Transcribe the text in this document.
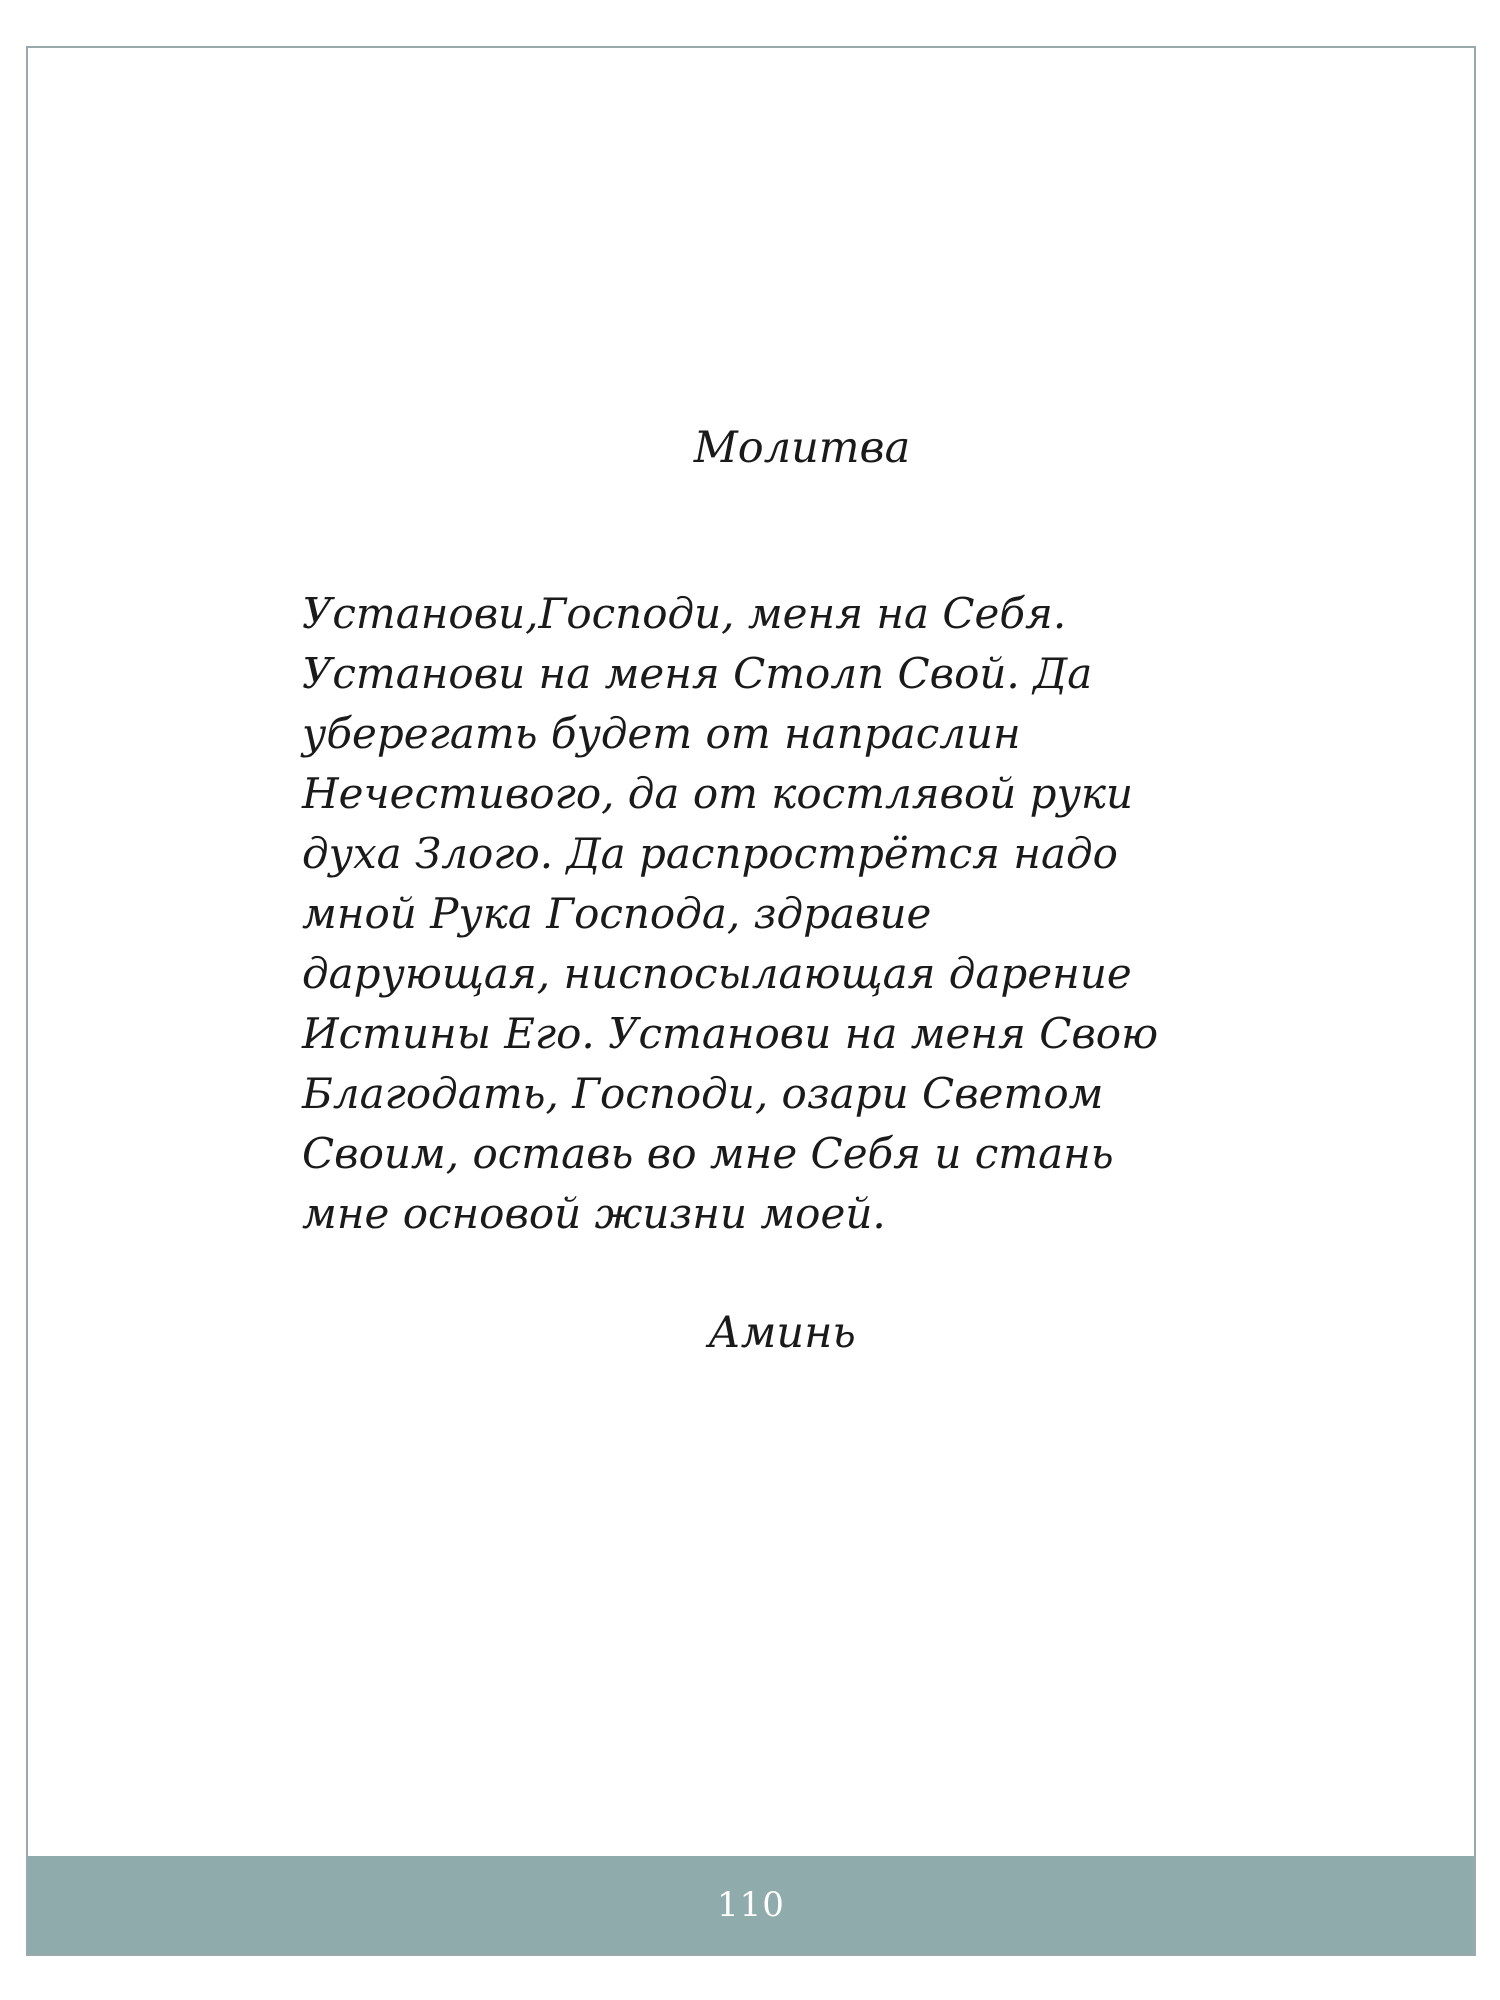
Молитва
Установи,Господи, меня на Себя.
Установи на меня Столп Свой. Да
уберегать будет от напраслин
Нечестивого, да от костлявой руки
духа Злого. Да распрострётся надо
мной Рука Господа, здравие
дарующая, ниспосылающая дарение
Истины Его. Установи на меня Свою
Благодать, Господи, озари Светом
Своим, оставь во мне Себя и стань
мне основой жизни моей.
Аминь
110
